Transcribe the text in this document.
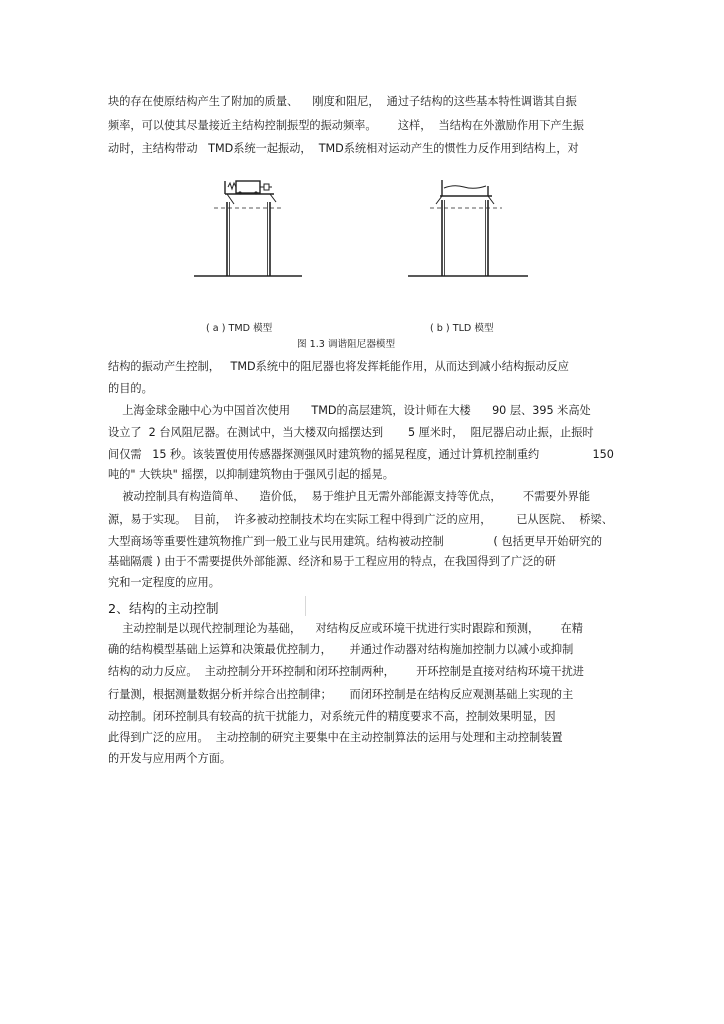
块的存在使原结构产生了附加的质量、    刚度和阻尼，  通过子结构的这些基本特性调谐其自振
频率，可以使其尽量接近主结构控制振型的振动频率。      这样，  当结构在外激励作用下产生振
动时，主结构带动   TMD系统一起振动，  TMD系统相对运动产生的惯性力反作用到结构上，对
( a ) TMD 模型	( b ) TLD 模型
图 1.3 调谐阻尼器模型
结构的振动产生控制，   TMD系统中的阻尼器也将发挥耗能作用，从而达到减小结构振动反应
的目的。
上海金球金融中心为中国首次使用      TMD的高层建筑，设计师在大楼      90 层、395 米高处
设立了  2 台风阻尼器。在测试中，当大楼双向摇摆达到       5 厘米时，  阻尼器启动止振，止振时
间仅需   15 秒。该装置使用传感器探测强风时建筑物的摇晃程度，通过计算机控制重约               150
吨的" 大铁块" 摇摆，以抑制建筑物由于强风引起的摇晃。
被动控制具有构造简单、    造价低，  易于维护且无需外部能源支持等优点，      不需要外界能
源，易于实现。  目前，  许多被动控制技术均在实际工程中得到广泛的应用，       已从医院、  桥梁、
大型商场等重要性建筑物推广到一般工业与民用建筑。结构被动控制              ( 包括更早开始研究的
基础隔震 ) 由于不需要提供外部能源、经济和易于工程应用的特点，在我国得到了广泛的研
究和一定程度的应用。
2、结构的主动控制
主动控制是以现代控制理论为基础，    对结构反应或环境干扰进行实时跟踪和预测，      在精
确的结构模型基础上运算和决策最优控制力，     并通过作动器对结构施加控制力以减小或抑制
结构的动力反应。  主动控制分开环控制和闭环控制两种，      开环控制是直接对结构环境干扰进
行量测，根据测量数据分析并综合出控制律；     而闭环控制是在结构反应观测基础上实现的主
动控制。闭环控制具有较高的抗干扰能力，对系统元件的精度要求不高，控制效果明显，因
此得到广泛的应用。  主动控制的研究主要集中在主动控制算法的运用与处理和主动控制装置
的开发与应用两个方面。
